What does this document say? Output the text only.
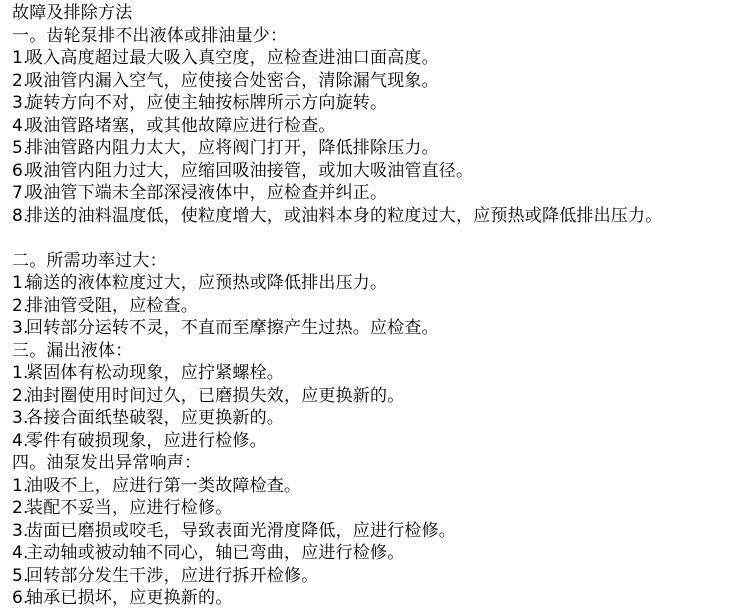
故障及排除方法
一。齿轮泵排不出液体或排油量少：
1.
吸入高度超过最大吸入真空度，应检查进油口面高度。
2.
吸油管内漏入空气，应使接合处密合，清除漏气现象。
3.
旋转方向不对，应使主轴按标牌所示方向旋转。
4.
吸油管路堵塞，或其他故障应进行检查。
5.
排油管路内阻力太大，应将阀门打开，降低排除压力。
6.
吸油管内阻力过大，应缩回吸油接管，或加大吸油管直径。
7.
吸油管下端未全部深浸液体中，应检查并纠正。
8.
排送的油料温度低，使粒度增大，或油料本身的粒度过大，应预热或降低排出压力。
二。所需功率过大：
1.
输送的液体粒度过大，应预热或降低排出压力。
2.
排油管受阻，应检查。
3.
回转部分运转不灵，不直而至摩擦产生过热。应检查。
三。漏出液体：
1.
紧固体有松动现象，应拧紧螺栓。
2.
油封圈使用时间过久，已磨损失效，应更换新的。
3.
各接合面纸垫破裂，应更换新的。
4.
零件有破损现象，应进行检修。
四。油泵发出异常响声：
1.
油吸不上，应进行第一类故障检查。
2.
装配不妥当，应进行检修。
3.
齿面已磨损或咬毛，导致表面光滑度降低，应进行检修。
4.
主动轴或被动轴不同心，轴已弯曲，应进行检修。
5.
回转部分发生干涉，应进行拆开检修。
6.
轴承已损坏，应更换新的。
